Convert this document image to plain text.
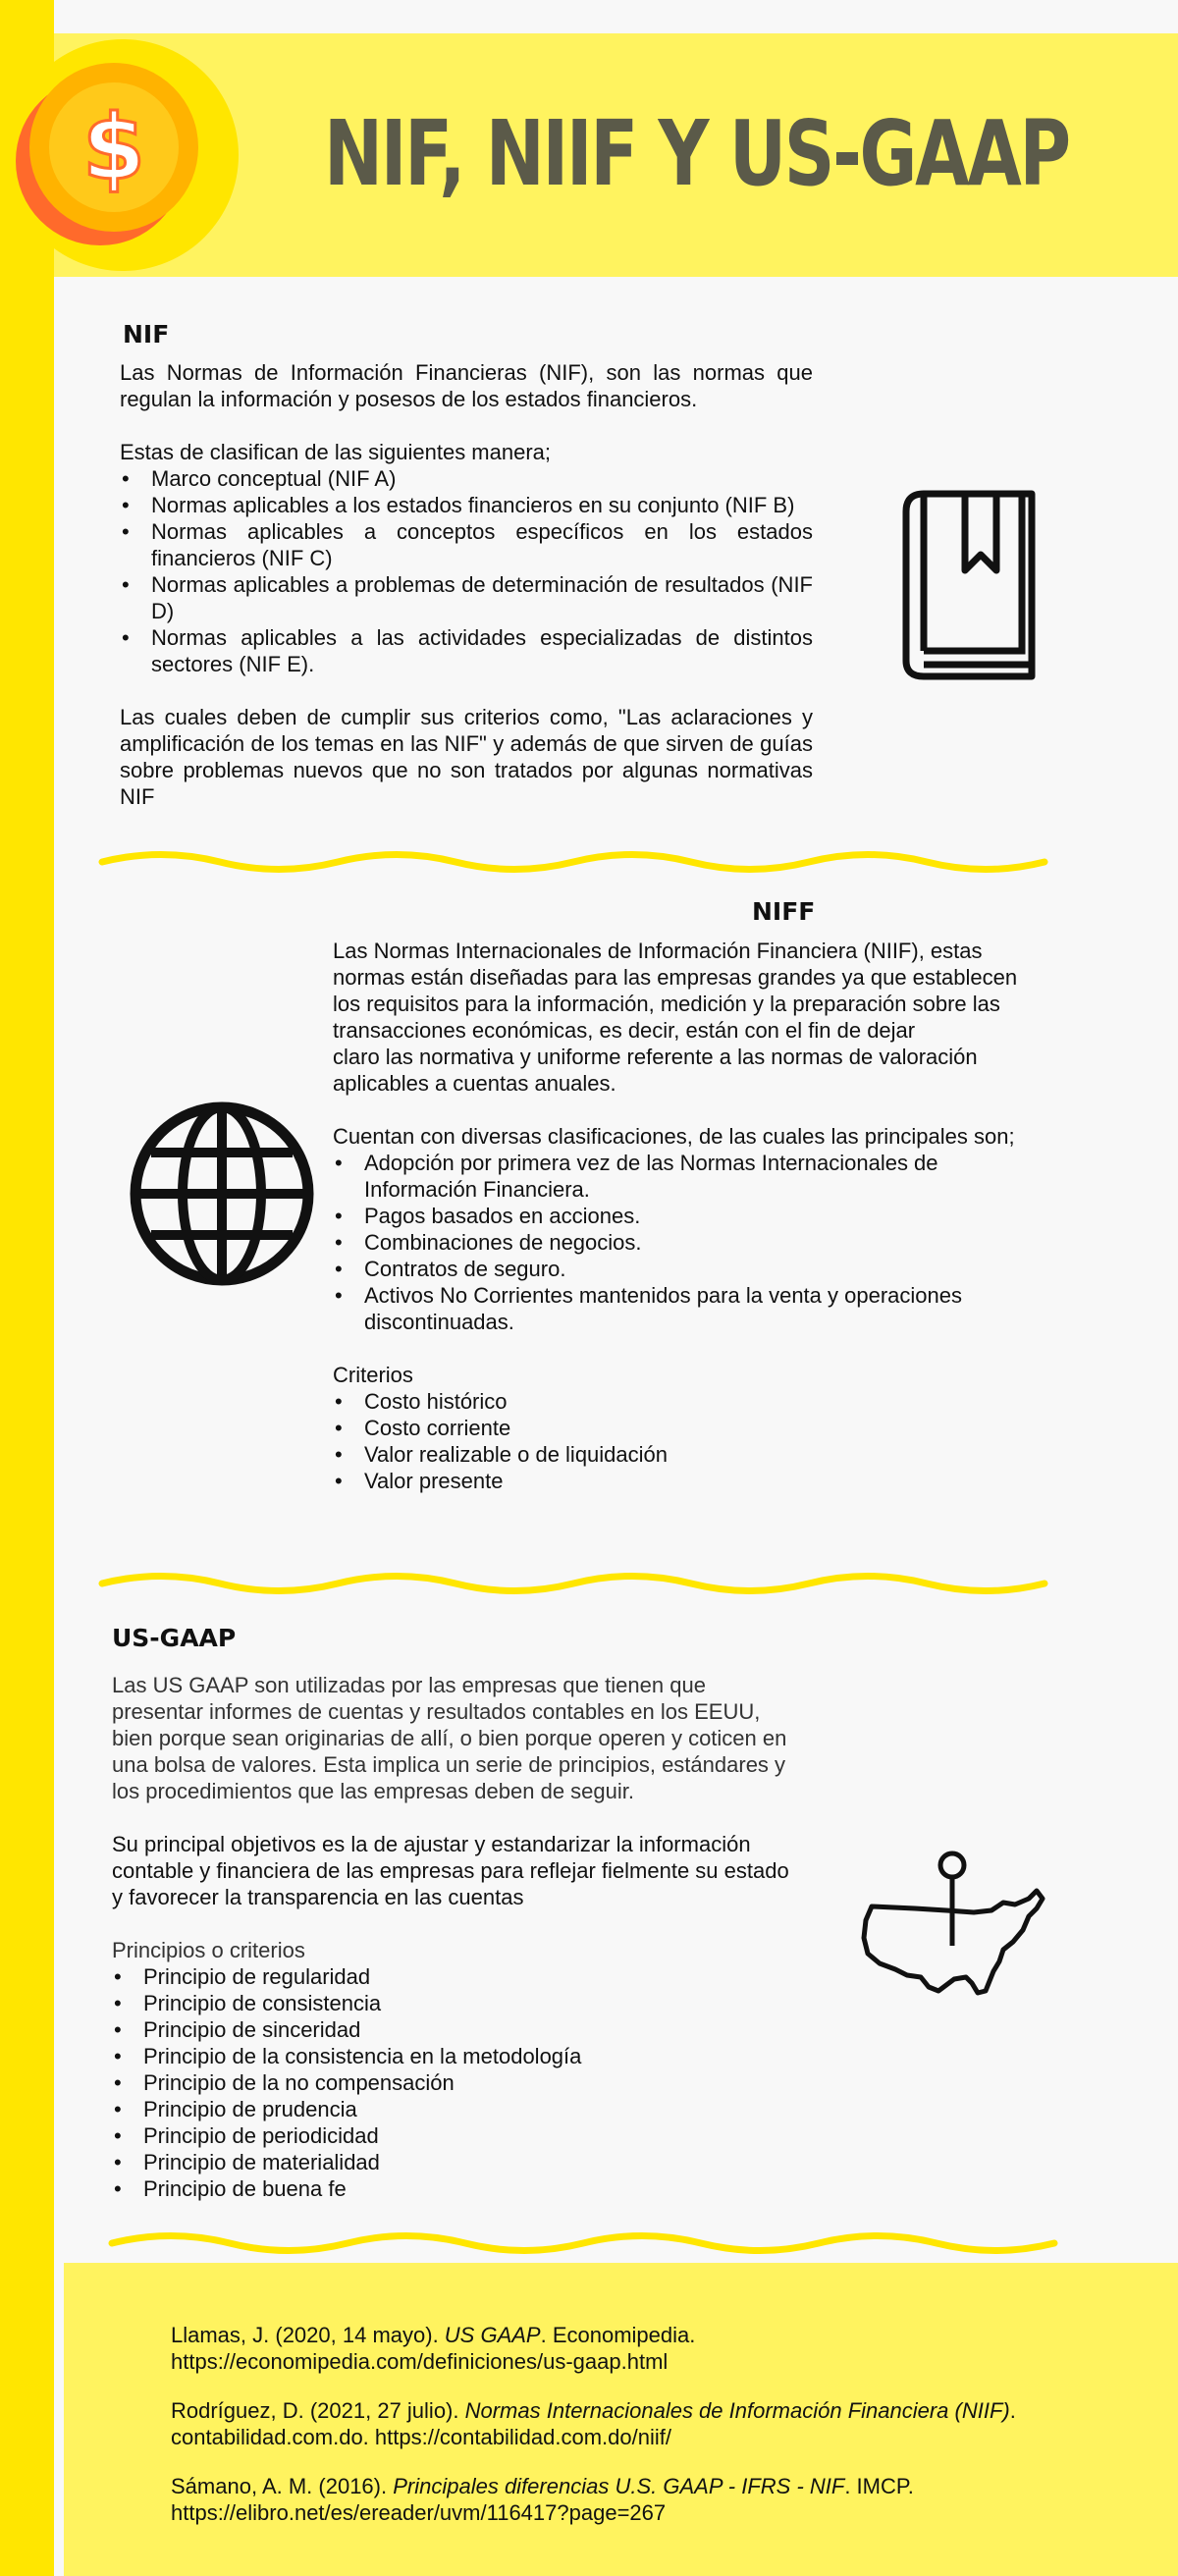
$ NIF, NIIF Y US-GAAP
NIF

Las Normas de Información Financieras (NIF), son las normas que regulan la información y posesos de los estados financieros.

Estas de clasifican de las siguientes manera;

• Marco conceptual (NIF A)
• Normas aplicables a los estados financieros en su conjunto (NIF B)
• Normas aplicables a conceptos específicos en los estados financieros (NIF C)
• Normas aplicables a problemas de determinación de resultados (NIF D)
• Normas aplicables a las actividades especializadas de distintos sectores (NIF E).

Las cuales deben de cumplir sus criterios como, "Las aclaraciones y amplificación de los temas en las NIF" y además de que sirven de guías sobre problemas nuevos que no son tratados por algunas normativas NIF

NIFF

Las Normas Internacionales de Información Financiera (NIIF), estas

normas están diseñadas para las empresas grandes ya que establecen

los requisitos para la información, medición y la preparación sobre las

transacciones económicas, es decir, están con el fin de dejar

claro las normativa y uniforme referente a las normas de valoración

aplicables a cuentas anuales.

Cuentan con diversas clasificaciones, de las cuales las principales son;

• Adopción por primera vez de las Normas Internacionales de Información Financiera.
• Pagos basados en acciones.
• Combinaciones de negocios.
• Contratos de seguro.
• Activos No Corrientes mantenidos para la venta y operaciones discontinuadas.

Criterios

• Costo histórico
• Costo corriente
• Valor realizable o de liquidación
• Valor presente
US-GAAP

Las US GAAP son utilizadas por las empresas que tienen que

presentar informes de cuentas y resultados contables en los EEUU,

bien porque sean originarias de allí, o bien porque operen y coticen en

una bolsa de valores. Esta implica un serie de principios, estándares y

los procedimientos que las empresas deben de seguir.

Su principal objetivos es la de ajustar y estandarizar la información

contable y financiera de las empresas para reflejar fielmente su estado

y favorecer la transparencia en las cuentas

Principios o criterios

• Principio de regularidad
• Principio de consistencia
• Principio de sinceridad
• Principio de la consistencia en la metodología
• Principio de la no compensación
• Principio de prudencia
• Principio de periodicidad
• Principio de materialidad
• Principio de buena fe

Llamas, J. (2020, 14 mayo). US GAAP. Economipedia.

https://economipedia.com/definiciones/us-gaap.html

Rodríguez, D. (2021, 27 julio). Normas Internacionales de Información Financiera (NIIF).

contabilidad.com.do. https://contabilidad.com.do/niif/

Sámano, A. M. (2016). Principales diferencias U.S. GAAP - IFRS - NIF. IMCP.

https://elibro.net/es/ereader/uvm/116417?page=267
